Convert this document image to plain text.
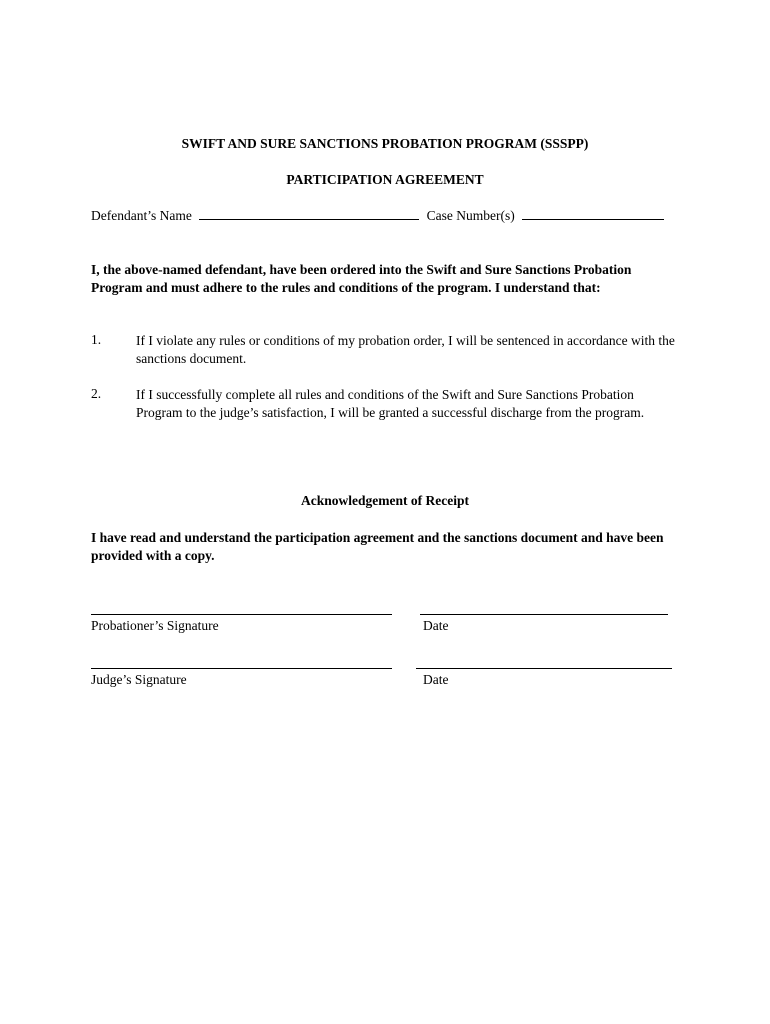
SWIFT AND SURE SANCTIONS PROBATION PROGRAM (SSSPP)
PARTICIPATION AGREEMENT
Defendant’s Name	Case Number(s)
I, the above-named defendant, have been ordered into the Swift and Sure Sanctions Probation Program and must adhere to the rules and conditions of the program. I understand that:
1.	If I violate any rules or conditions of my probation order, I will be sentenced in accordance with the sanctions document.
2.	If I successfully complete all rules and conditions of the Swift and Sure Sanctions Probation Program to the judge’s satisfaction, I will be granted a successful discharge from the program.
Acknowledgement of Receipt
I have read and understand the participation agreement and the sanctions document and have been provided with a copy.
Probationer’s Signature	Date
Judge’s Signature	Date
